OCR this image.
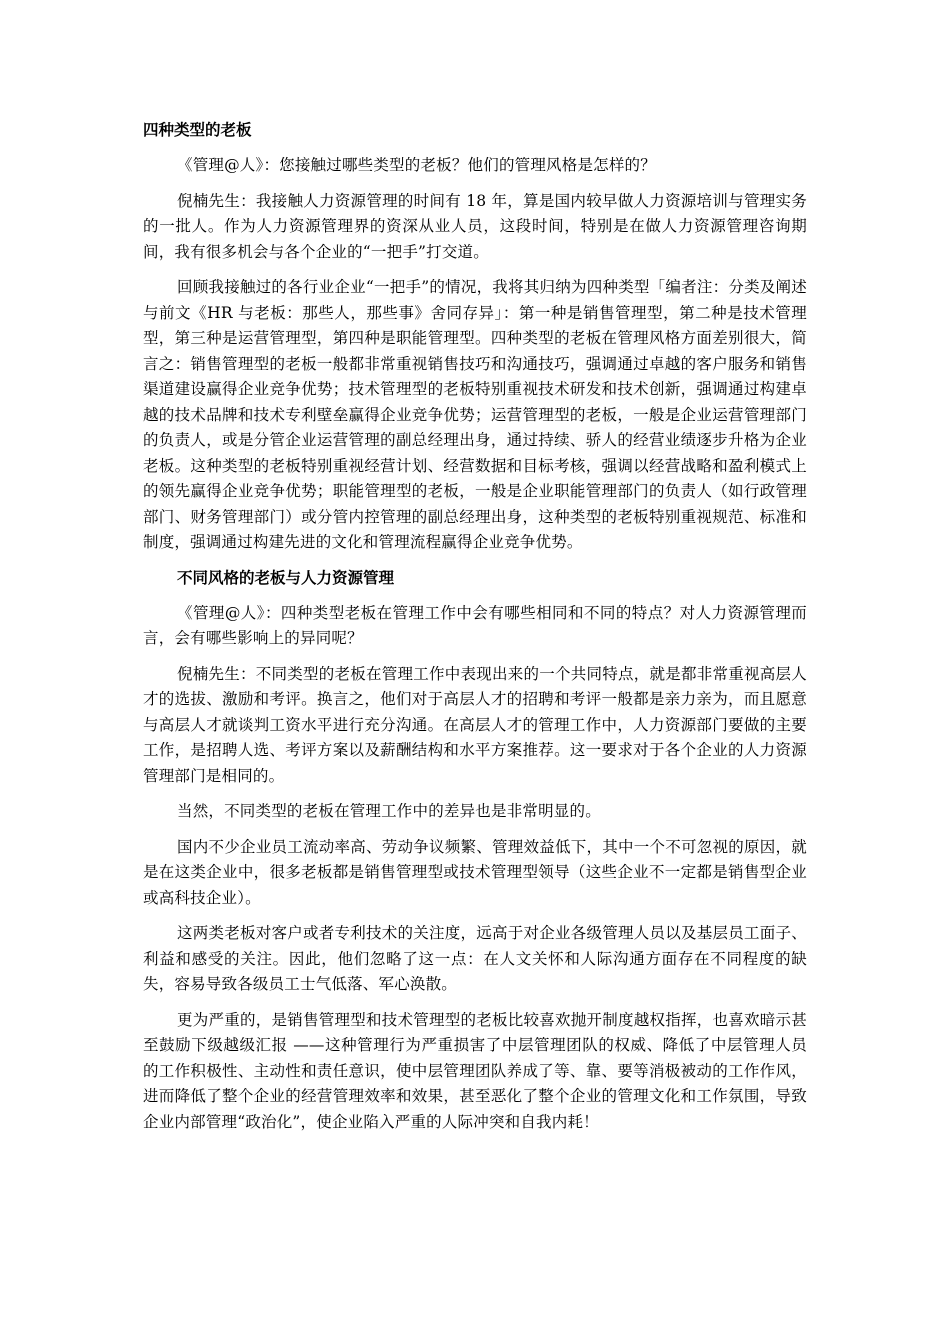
四种类型的老板

《管理@人》：您接触过哪些类型的老板？他们的管理风格是怎样的？

倪楠先生：我接触人力资源管理的时间有 18 年，算是国内较早做人力资源培训与管理实务的一批人。作为人力资源管理界的资深从业人员，这段时间，特别是在做人力资源管理咨询期间，我有很多机会与各个企业的“一把手”打交道。

回顾我接触过的各行业企业“一把手”的情况，我将其归纳为四种类型「编者注：分类及阐述与前文《HR 与老板：那些人，那些事》舍同存异」：第一种是销售管理型，第二种是技术管理型，第三种是运营管理型，第四种是职能管理型。四种类型的老板在管理风格方面差别很大，简言之：销售管理型的老板一般都非常重视销售技巧和沟通技巧，强调通过卓越的客户服务和销售渠道建设赢得企业竞争优势；技术管理型的老板特别重视技术研发和技术创新，强调通过构建卓越的技术品牌和技术专利壁垒赢得企业竞争优势；运营管理型的老板，一般是企业运营管理部门的负责人，或是分管企业运营管理的副总经理出身，通过持续、骄人的经营业绩逐步升格为企业老板。这种类型的老板特别重视经营计划、经营数据和目标考核，强调以经营战略和盈利模式上的领先赢得企业竞争优势；职能管理型的老板，一般是企业职能管理部门的负责人（如行政管理部门、财务管理部门）或分管内控管理的副总经理出身，这种类型的老板特别重视规范、标准和制度，强调通过构建先进的文化和管理流程赢得企业竞争优势。

不同风格的老板与人力资源管理

《管理@人》：四种类型老板在管理工作中会有哪些相同和不同的特点？对人力资源管理而言，会有哪些影响上的异同呢？

倪楠先生：不同类型的老板在管理工作中表现出来的一个共同特点，就是都非常重视高层人才的选拔、激励和考评。换言之，他们对于高层人才的招聘和考评一般都是亲力亲为，而且愿意与高层人才就谈判工资水平进行充分沟通。在高层人才的管理工作中，人力资源部门要做的主要工作，是招聘人选、考评方案以及薪酬结构和水平方案推荐。这一要求对于各个企业的人力资源管理部门是相同的。

当然，不同类型的老板在管理工作中的差异也是非常明显的。

国内不少企业员工流动率高、劳动争议频繁、管理效益低下，其中一个不可忽视的原因，就是在这类企业中，很多老板都是销售管理型或技术管理型领导（这些企业不一定都是销售型企业或高科技企业）。

这两类老板对客户或者专利技术的关注度，远高于对企业各级管理人员以及基层员工面子、利益和感受的关注。因此，他们忽略了这一点：在人文关怀和人际沟通方面存在不同程度的缺失，容易导致各级员工士气低落、军心涣散。

更为严重的，是销售管理型和技术管理型的老板比较喜欢抛开制度越权指挥，也喜欢暗示甚至鼓励下级越级汇报 ——这种管理行为严重损害了中层管理团队的权威、降低了中层管理人员的工作积极性、主动性和责任意识，使中层管理团队养成了等、靠、要等消极被动的工作作风，进而降低了整个企业的经营管理效率和效果，甚至恶化了整个企业的管理文化和工作氛围，导致企业内部管理“政治化”，使企业陷入严重的人际冲突和自我内耗！
